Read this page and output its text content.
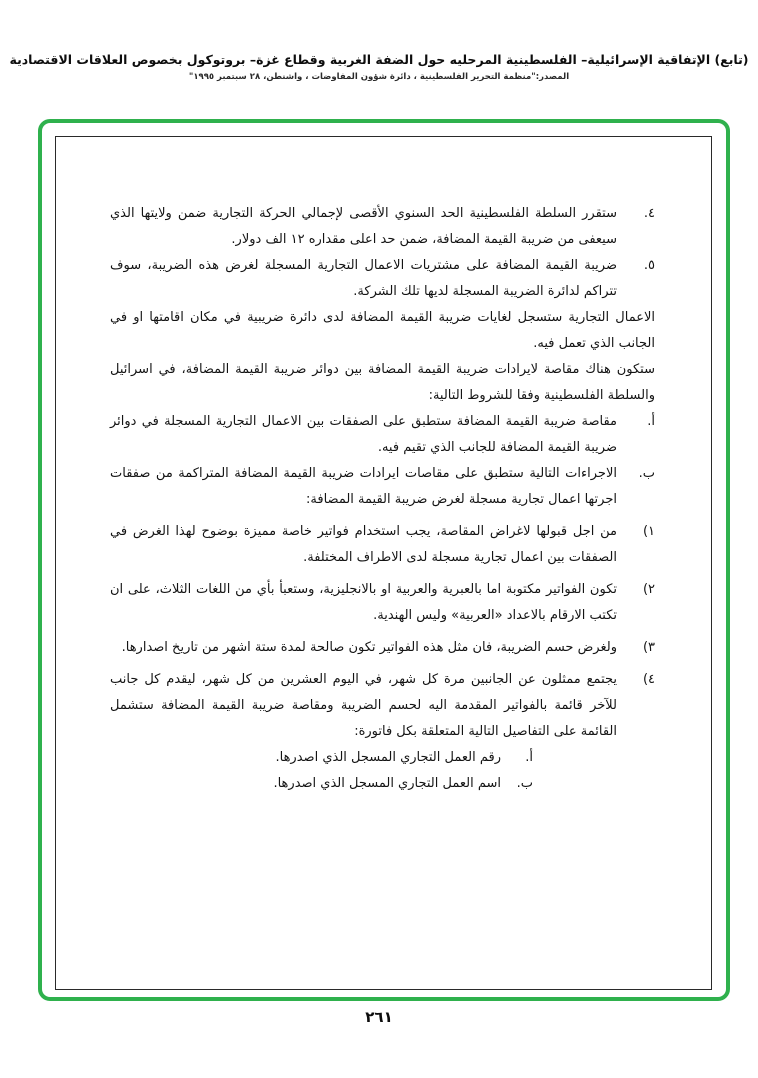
(تابع) الإتفاقية الإسرائيلية– الفلسطينية المرحليه حول الضفة الغربية وقطاع غزة– بروتوكول بخصوص العلاقات الاقتصادية
المصدر:"منظمة التحرير الفلسطينية ، دائرة شؤون المفاوضات ، واشنطن، ٢٨ سبتمبر ١٩٩٥"
٤.
ستقرر السلطة الفلسطينية الحد السنوي الأقصى لإجمالي الحركة التجارية ضمن ولايتها الذي سيعفى من ضريبة القيمة المضافة، ضمن حد اعلى مقداره ١٢ الف دولار.
٥.
ضريبة القيمة المضافة على مشتريات الاعمال التجارية المسجلة لغرض هذه الضريبة، سوف تتراكم لدائرة الضريبة المسجلة لديها تلك الشركة.
الاعمال التجارية ستسجل لغايات ضريبة القيمة المضافة لدى دائرة ضريبية في مكان اقامتها او في الجانب الذي تعمل فيه.
ستكون هناك مقاصة لايرادات ضريبة القيمة المضافة بين دوائر ضريبة القيمة المضافة، في اسرائيل والسلطة الفلسطينية وفقا للشروط التالية:
أ.
مقاصة ضريبة القيمة المضافة ستطبق على الصفقات بين الاعمال التجارية المسجلة في دوائر ضريبة القيمة المضافة للجانب الذي تقيم فيه.
ب.
الاجراءات التالية ستطبق على مقاصات ايرادات ضريبة القيمة المضافة المتراكمة من صفقات اجرتها اعمال تجارية مسجلة لغرض ضريبة القيمة المضافة:
١)
من اجل قبولها لاغراض المقاصة، يجب استخدام فواتير خاصة مميزة بوضوح لهذا الغرض في الصفقات بين اعمال تجارية مسجلة لدى الاطراف المختلفة.
٢)
تكون الفواتير مكتوبة اما بالعبرية والعربية او بالانجليزية، وستعبأ بأي من اللغات الثلاث، على ان تكتب الارقام بالاعداد «العربية» وليس الهندية.
٣)
ولغرض حسم الضريبة، فان مثل هذه الفواتير تكون صالحة لمدة ستة اشهر من تاريخ اصدارها.
٤)
يجتمع ممثلون عن الجانبين مرة كل شهر، في اليوم العشرين من كل شهر، ليقدم كل جانب للآخر قائمة بالفواتير المقدمة اليه لحسم الضريبة ومقاصة ضريبة القيمة المضافة ستشمل القائمة على التفاصيل التالية المتعلقة بكل فاتورة:
أ.
رقم العمل التجاري المسجل الذي اصدرها.
ب.
اسم العمل التجاري المسجل الذي اصدرها.
٢٦١
